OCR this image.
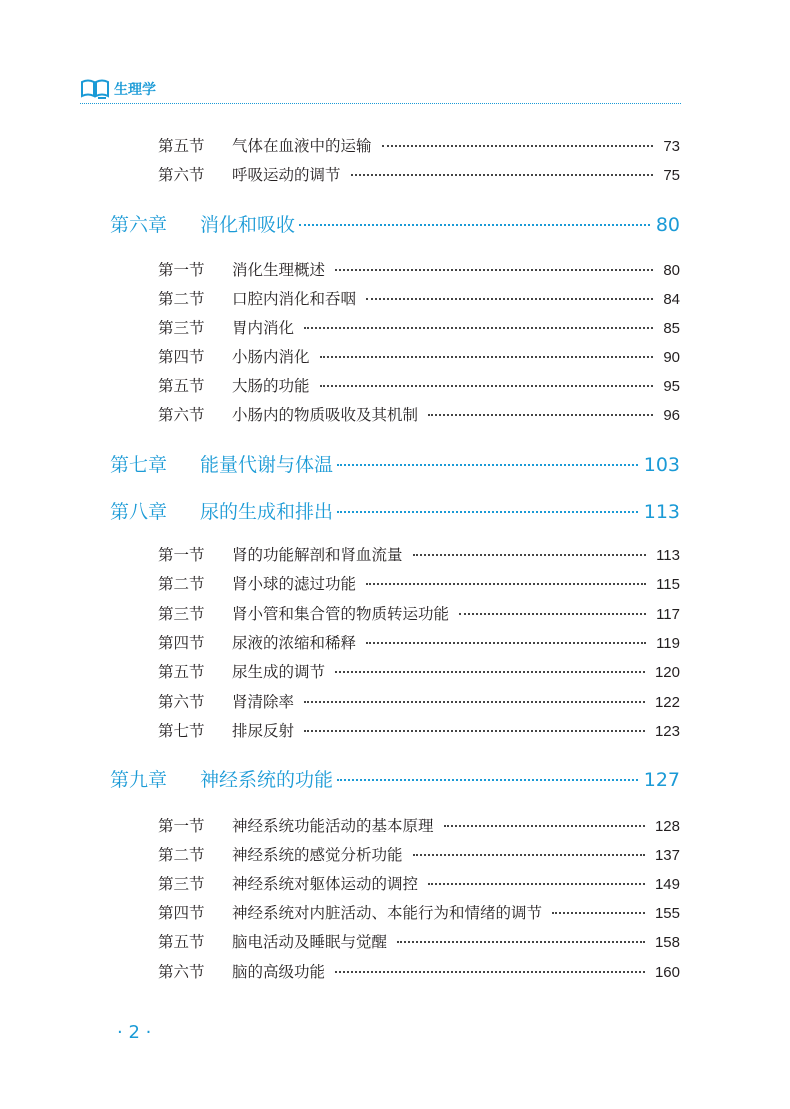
生理学
第五节	气体在血液中的运输	73
第六节	呼吸运动的调节	75
第六章	消化和吸收	80
第一节	消化生理概述	80
第二节	口腔内消化和吞咽	84
第三节	胃内消化	85
第四节	小肠内消化	90
第五节	大肠的功能	95
第六节	小肠内的物质吸收及其机制	96
第七章	能量代谢与体温	103
第八章	尿的生成和排出	113
第一节	肾的功能解剖和肾血流量	113
第二节	肾小球的滤过功能	115
第三节	肾小管和集合管的物质转运功能	117
第四节	尿液的浓缩和稀释	119
第五节	尿生成的调节	120
第六节	肾清除率	122
第七节	排尿反射	123
第九章	神经系统的功能	127
第一节	神经系统功能活动的基本原理	128
第二节	神经系统的感觉分析功能	137
第三节	神经系统对躯体运动的调控	149
第四节	神经系统对内脏活动、本能行为和情绪的调节	155
第五节	脑电活动及睡眠与觉醒	158
第六节	脑的高级功能	160
· 2 ·
